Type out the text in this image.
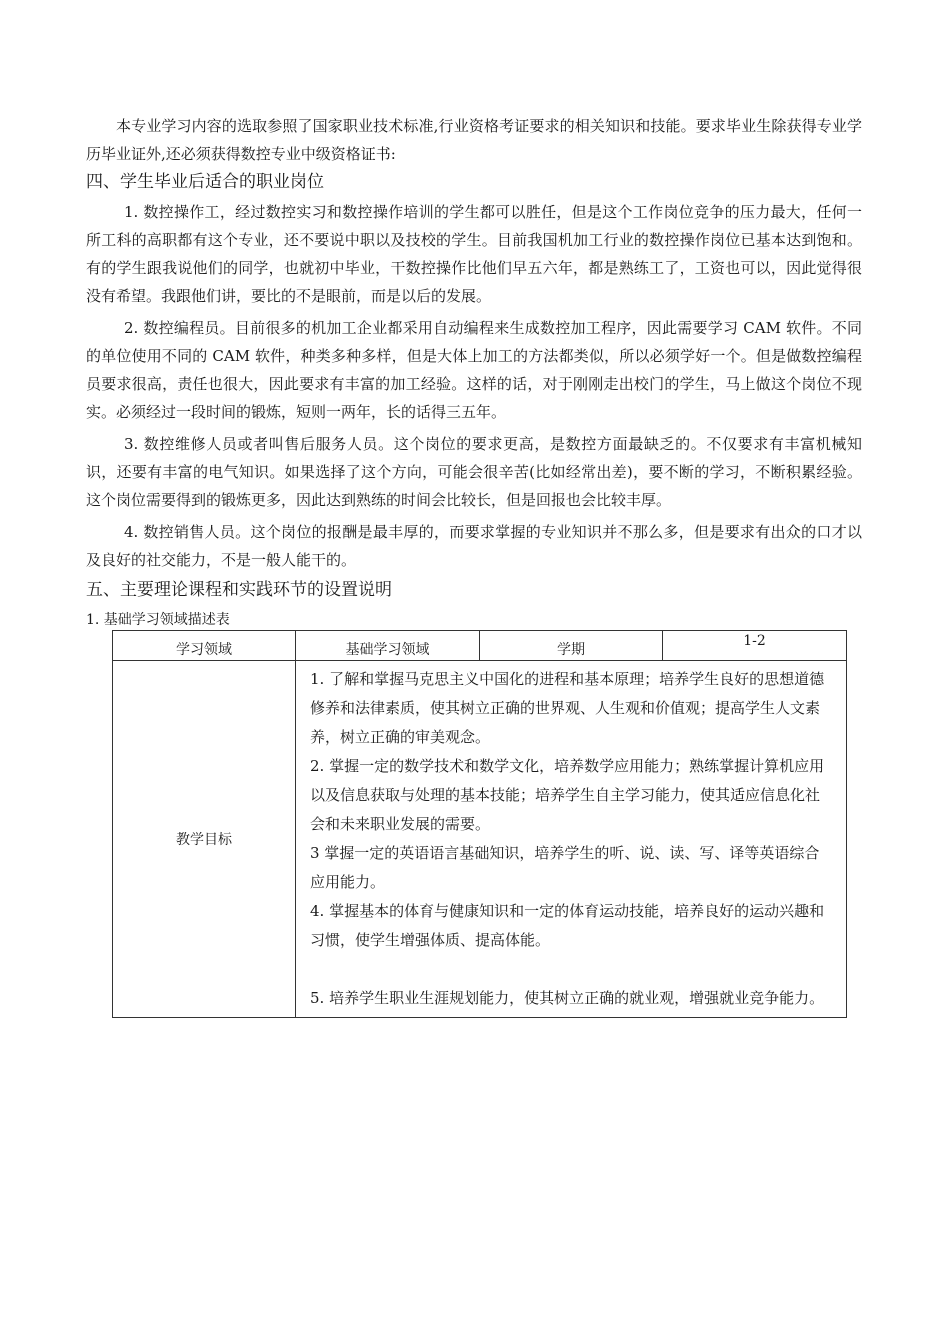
本专业学习内容的选取参照了国家职业技术标准,行业资格考证要求的相关知识和技能。要求毕业生除获得专业学历毕业证外,还必须获得数控专业中级资格证书:

四、学生毕业后适合的职业岗位

1. 数控操作工，经过数控实习和数控操作培训的学生都可以胜任，但是这个工作岗位竞争的压力最大，任何一所工科的高职都有这个专业，还不要说中职以及技校的学生。目前我国机加工行业的数控操作岗位已基本达到饱和。有的学生跟我说他们的同学，也就初中毕业，干数控操作比他们早五六年，都是熟练工了，工资也可以，因此觉得很没有希望。我跟他们讲，要比的不是眼前，而是以后的发展。

2. 数控编程员。目前很多的机加工企业都采用自动编程来生成数控加工程序，因此需要学习 CAM 软件。不同的单位使用不同的 CAM 软件，种类多种多样，但是大体上加工的方法都类似，所以必须学好一个。但是做数控编程员要求很高，责任也很大，因此要求有丰富的加工经验。这样的话，对于刚刚走出校门的学生，马上做这个岗位不现实。必须经过一段时间的锻炼，短则一两年，长的话得三五年。

3. 数控维修人员或者叫售后服务人员。这个岗位的要求更高，是数控方面最缺乏的。不仅要求有丰富机械知识，还要有丰富的电气知识。如果选择了这个方向，可能会很辛苦(比如经常出差)，要不断的学习，不断积累经验。这个岗位需要得到的锻炼更多，因此达到熟练的时间会比较长，但是回报也会比较丰厚。

4. 数控销售人员。这个岗位的报酬是最丰厚的，而要求掌握的专业知识并不那么多，但是要求有出众的口才以及良好的社交能力，不是一般人能干的。

五、主要理论课程和实践环节的设置说明
1. 基础学习领域描述表
学习领域	基础学习领域	学期	1-2
教学目标	1. 了解和掌握马克思主义中国化的进程和基本原理；培养学生良好的思想道德修养和法律素质，使其树立正确的世界观、人生观和价值观；提高学生人文素养，树立正确的审美观念。
2. 掌握一定的数学技术和数学文化，培养数学应用能力；熟练掌握计算机应用以及信息获取与处理的基本技能；培养学生自主学习能力，使其适应信息化社会和未来职业发展的需要。
3 掌握一定的英语语言基础知识，培养学生的听、说、读、写、译等英语综合应用能力。
4. 掌握基本的体育与健康知识和一定的体育运动技能，培养良好的运动兴趣和习惯，使学生增强体质、提高体能。
5. 培养学生职业生涯规划能力，使其树立正确的就业观，增强就业竞争能力。		
